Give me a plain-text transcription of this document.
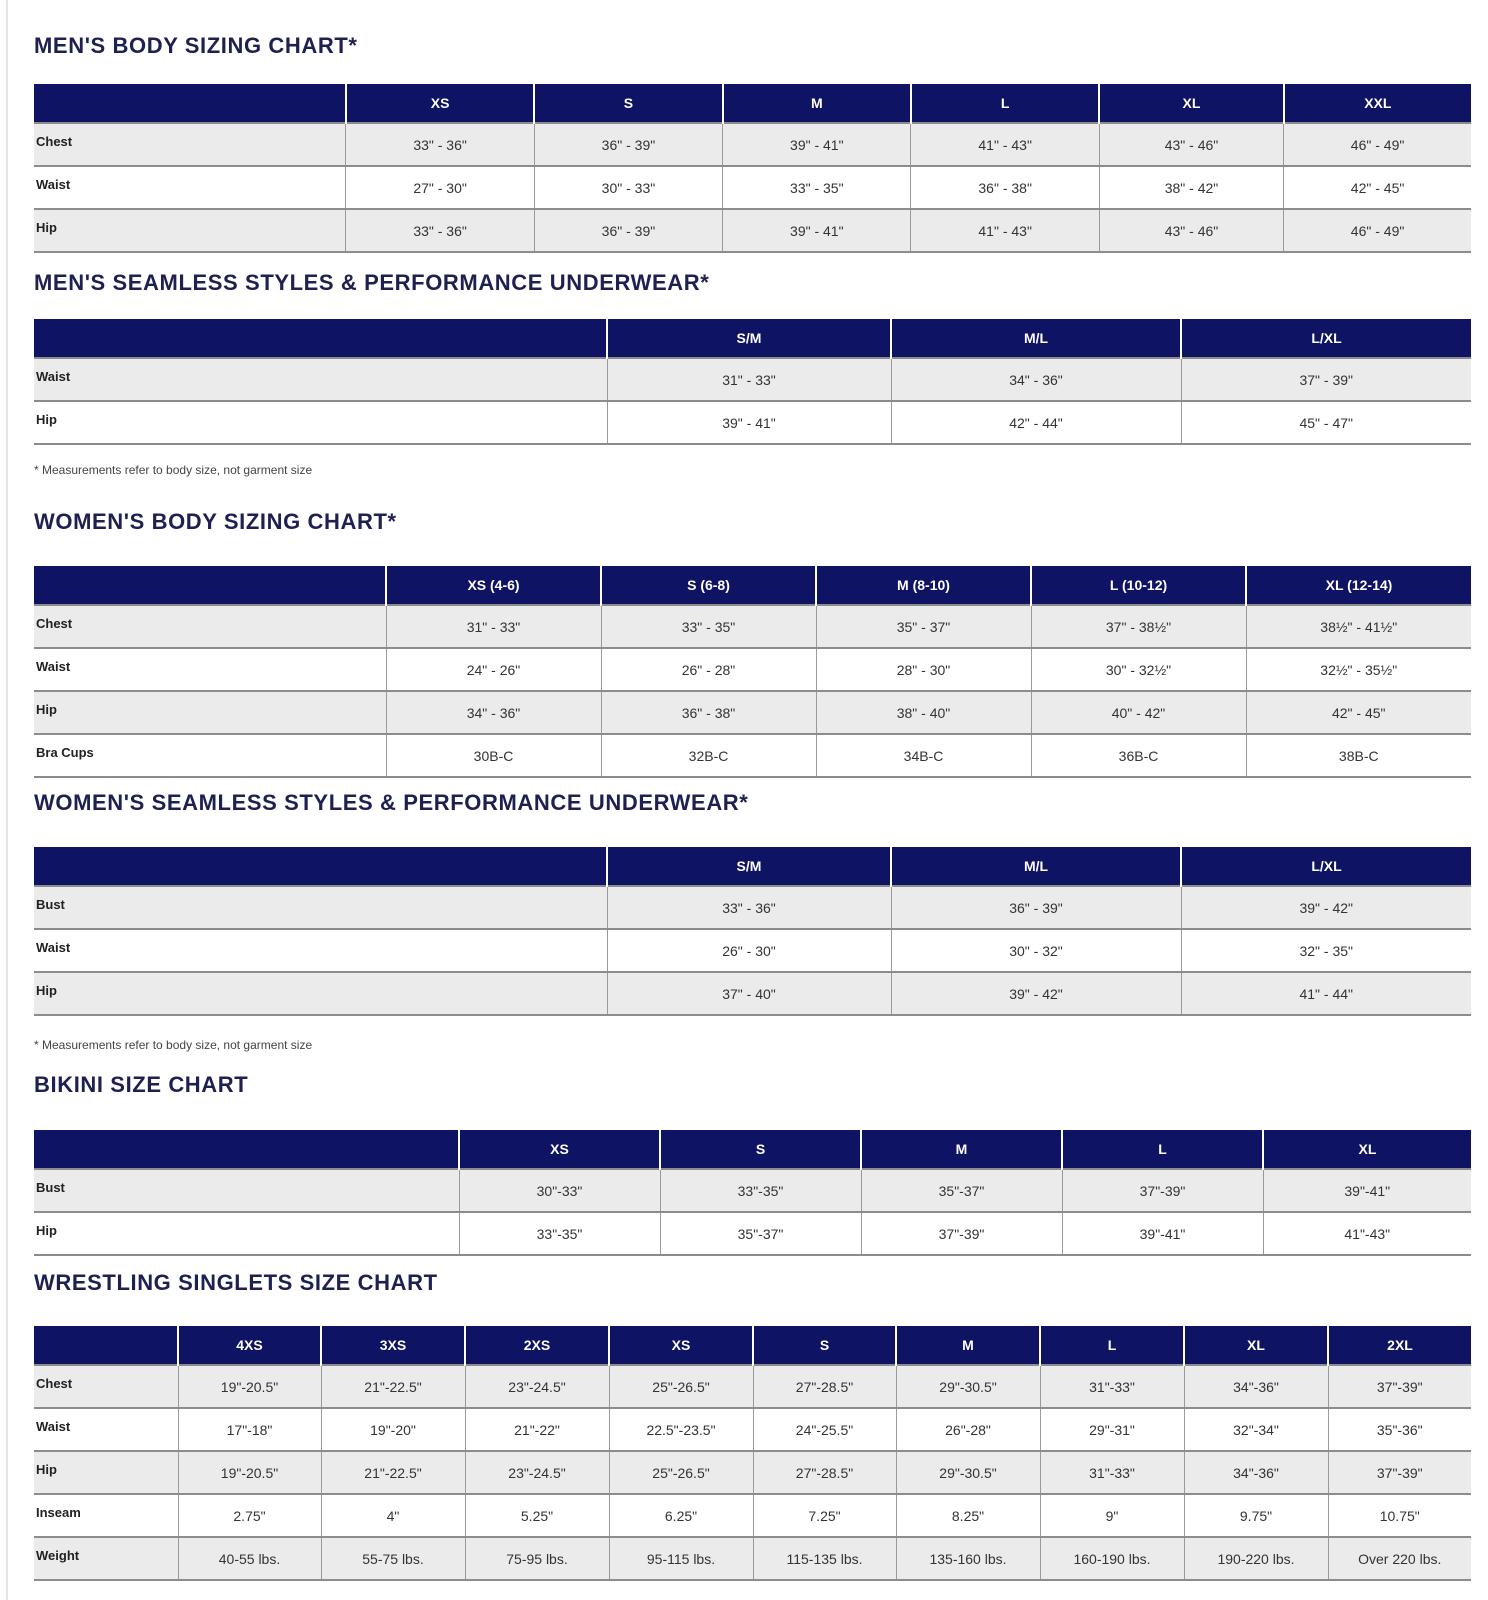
MEN'S BODY SIZING CHART*
	XS	S	M	L	XL	XXL
Chest	33" - 36"	36" - 39"	39" - 41"	41" - 43"	43" - 46"	46" - 49"
Waist	27" - 30"	30" - 33"	33" - 35"	36" - 38"	38" - 42"	42" - 45"
Hip	33" - 36"	36" - 39"	39" - 41"	41" - 43"	43" - 46"	46" - 49"
MEN'S SEAMLESS STYLES & PERFORMANCE UNDERWEAR*
	S/M	M/L	L/XL
Waist	31" - 33"	34" - 36"	37" - 39"
Hip	39" - 41"	42" - 44"	45" - 47"

* Measurements refer to body size, not garment size

WOMEN'S BODY SIZING CHART*
	XS (4-6)	S (6-8)	M (8-10)	L (10-12)	XL (12-14)
Chest	31" - 33"	33" - 35"	35" - 37"	37" - 38½"	38½" - 41½"
Waist	24" - 26"	26" - 28"	28" - 30"	30" - 32½"	32½" - 35½"
Hip	34" - 36"	36" - 38"	38" - 40"	40" - 42"	42" - 45"
Bra Cups	30B-C	32B-C	34B-C	36B-C	38B-C
WOMEN'S SEAMLESS STYLES & PERFORMANCE UNDERWEAR*
	S/M	M/L	L/XL
Bust	33" - 36"	36" - 39"	39" - 42"
Waist	26" - 30"	30" - 32"	32" - 35"
Hip	37" - 40"	39" - 42"	41" - 44"

* Measurements refer to body size, not garment size

BIKINI SIZE CHART
	XS	S	M	L	XL
Bust	30"-33"	33"-35"	35"-37"	37"-39"	39"-41"
Hip	33"-35"	35"-37"	37"-39"	39"-41"	41"-43"
WRESTLING SINGLETS SIZE CHART
	4XS	3XS	2XS	XS	S	M	L	XL	2XL
Chest	19"-20.5"	21"-22.5"	23"-24.5"	25"-26.5"	27"-28.5"	29"-30.5"	31"-33"	34"-36"	37"-39"
Waist	17"-18"	19"-20"	21"-22"	22.5"-23.5"	24"-25.5"	26"-28"	29"-31"	32"-34"	35"-36"
Hip	19"-20.5"	21"-22.5"	23"-24.5"	25"-26.5"	27"-28.5"	29"-30.5"	31"-33"	34"-36"	37"-39"
Inseam	2.75"	4"	5.25"	6.25"	7.25"	8.25"	9"	9.75"	10.75"
Weight	40-55 lbs.	55-75 lbs.	75-95 lbs.	95-115 lbs.	115-135 lbs.	135-160 lbs.	160-190 lbs.	190-220 lbs.	Over 220 lbs.
